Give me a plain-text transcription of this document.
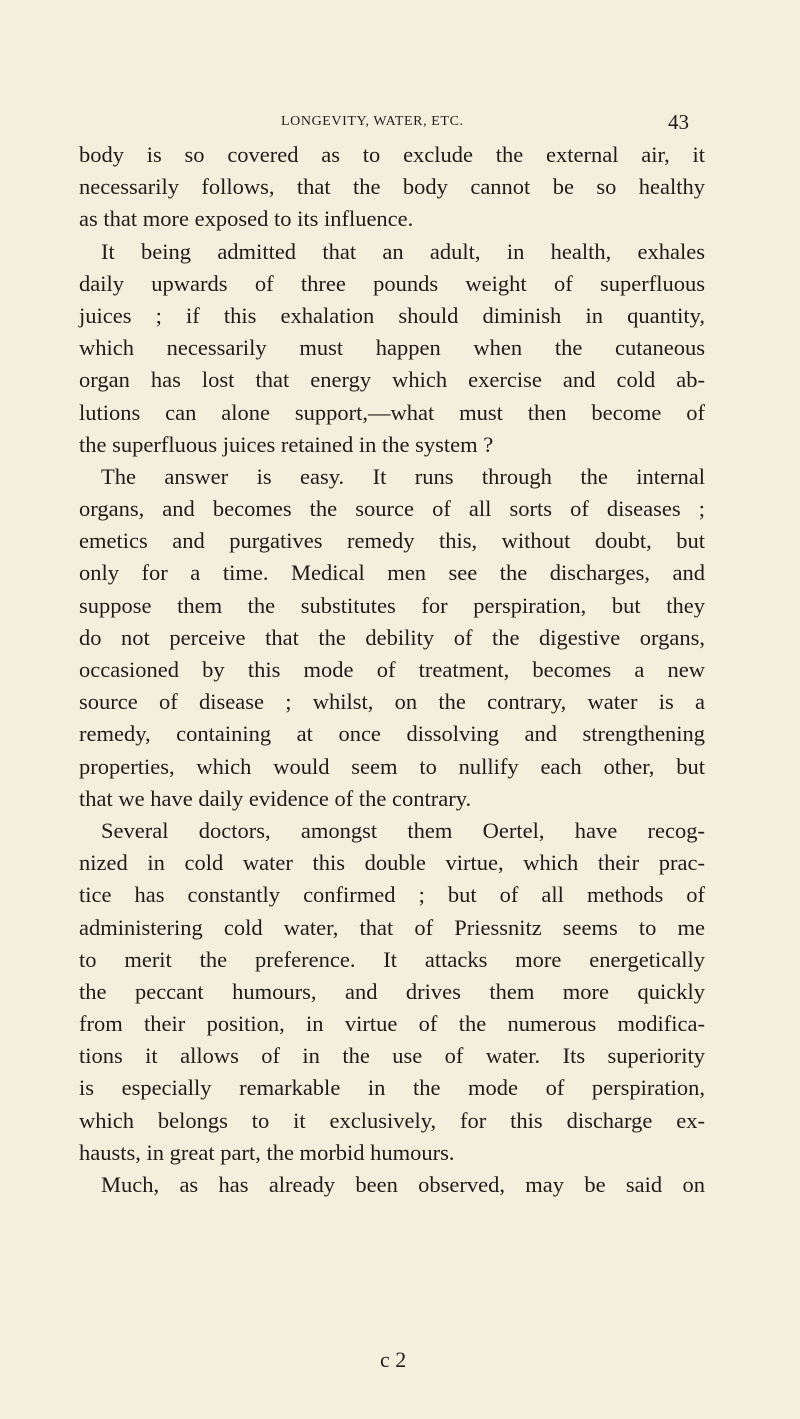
LONGEVITY, WATER, ETC.	43
body is so covered as to exclude the external air, it
necessarily follows, that the body cannot be so healthy
as that more exposed to its influence.
It being admitted that an adult, in health, exhales
daily upwards of three pounds weight of superfluous
juices ; if this exhalation should diminish in quantity,
which necessarily must happen when the cutaneous
organ has lost that energy which exercise and cold ab-
lutions can alone support,—what must then become of
the superfluous juices retained in the system ?
The answer is easy. It runs through the internal
organs, and becomes the source of all sorts of diseases ;
emetics and purgatives remedy this, without doubt, but
only for a time. Medical men see the discharges, and
suppose them the substitutes for perspiration, but they
do not perceive that the debility of the digestive organs,
occasioned by this mode of treatment, becomes a new
source of disease ; whilst, on the contrary, water is a
remedy, containing at once dissolving and strengthening
properties, which would seem to nullify each other, but
that we have daily evidence of the contrary.
Several doctors, amongst them Oertel, have recog-
nized in cold water this double virtue, which their prac-
tice has constantly confirmed ; but of all methods of
administering cold water, that of Priessnitz seems to me
to merit the preference. It attacks more energetically
the peccant humours, and drives them more quickly
from their position, in virtue of the numerous modifica-
tions it allows of in the use of water. Its superiority
is especially remarkable in the mode of perspiration,
which belongs to it exclusively, for this discharge ex-
hausts, in great part, the morbid humours.
Much, as has already been observed, may be said on
c 2
